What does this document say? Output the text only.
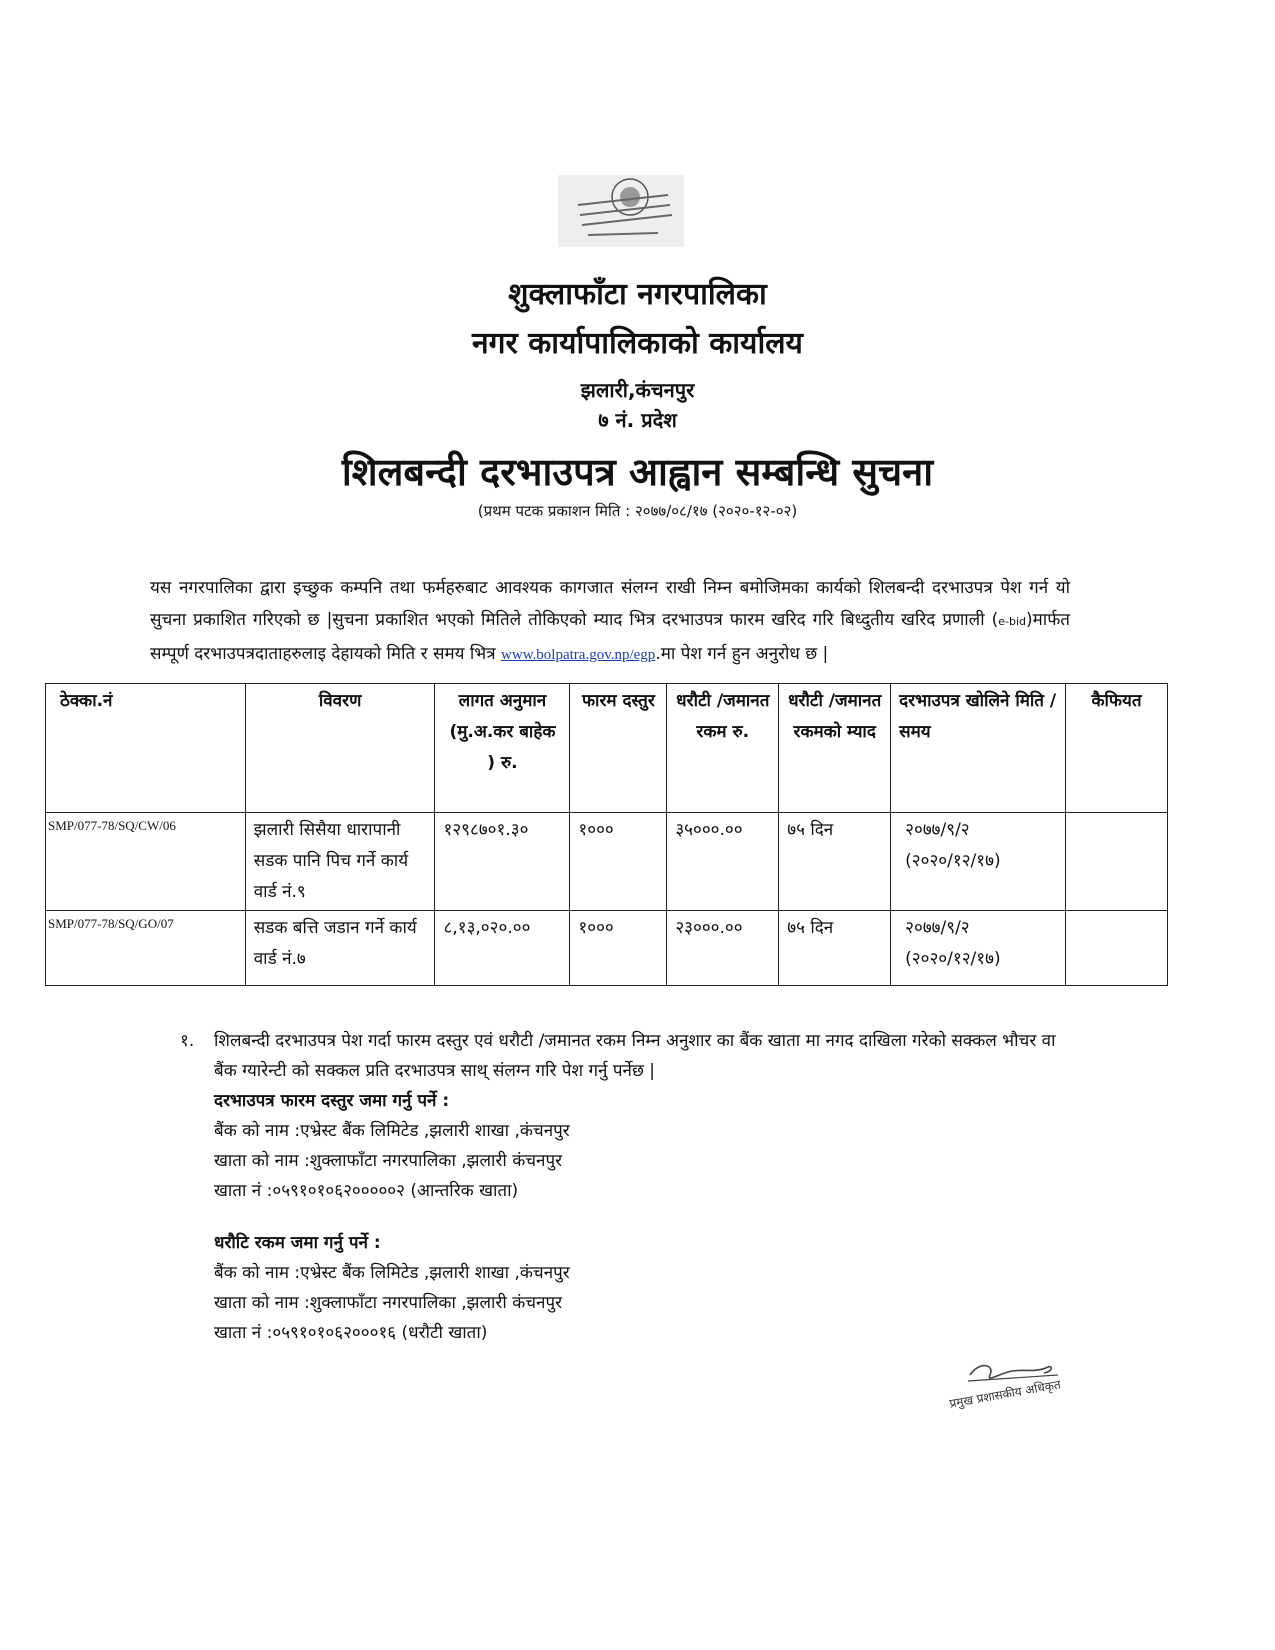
शुक्लाफाँटा नगरपालिका
नगर कार्यापालिकाको कार्यालय
झलारी,कंचनपुर
७ नं. प्रदेश
शिलबन्दी दरभाउपत्र आह्वान सम्बन्धि सुचना
(प्रथम पटक प्रकाशन मिति : २०७७/०८/१७ (२०२०-१२-०२)
यस नगरपालिका द्वारा इच्छुक कम्पनि तथा फर्महरुबाट आवश्यक कागजात संलग्न राखी निम्न बमोजिमका कार्यको शिलबन्दी दरभाउपत्र पेश गर्न यो सुचना प्रकाशित गरिएको छ |सुचना प्रकाशित भएको मितिले तोकिएको म्याद भित्र दरभाउपत्र फारम खरिद गरि बिध्दुतीय खरिद प्रणाली (e-bid)मार्फत सम्पूर्ण दरभाउपत्रदाताहरुलाइ देहायको मिति र समय भित्र www.bolpatra.gov.np/egp.मा पेश गर्न हुन अनुरोध छ |
ठेक्का.नं	विवरण	लागत अनुमान (मु.अ.कर बाहेक ) रु.	फारम दस्तुर	धरौटी /जमानत रकम रु.	धरौटी /जमानत रकमको म्याद	दरभाउपत्र खोलिने मिति /समय	कैफियत
SMP/077-78/SQ/CW/06	झलारी सिसैया धारापानी सडक पानि पिच गर्ने कार्य वार्ड नं.९	१२९८७०१.३०	१०००	३५०००.००	७५ दिन	२०७७/९/२
(२०२०/१२/१७)	

SMP/077-78/SQ/GO/07	सडक बत्ति जडान गर्ने कार्य वार्ड नं.७	८,१३,०२०.००	१०००	२३०००.००	७५ दिन	२०७७/९/२
(२०२०/१२/१७)	

१.	शिलबन्दी दरभाउपत्र पेश गर्दा फारम दस्तुर एवं धरौटी /जमानत रकम निम्न अनुशार का बैंक खाता मा नगद दाखिला गरेको सक्कल भौचर वा बैंक ग्यारेन्टी को सक्कल प्रति दरभाउपत्र साथ् संलग्न गरि पेश गर्नु पर्नेछ |
दरभाउपत्र फारम दस्तुर जमा गर्नु पर्ने :
बैंक को नाम :एभ्रेस्ट बैंक लिमिटेड ,झलारी शाखा ,कंचनपुर
खाता को नाम :शुक्लाफाँटा नगरपालिका ,झलारी कंचनपुर
खाता नं :०५९१०१०६२०००००२ (आन्तरिक खाता)
धरौटि रकम जमा गर्नु पर्ने :
बैंक को नाम :एभ्रेस्ट बैंक लिमिटेड ,झलारी शाखा ,कंचनपुर
खाता को नाम :शुक्लाफाँटा नगरपालिका ,झलारी कंचनपुर
खाता नं :०५९१०१०६२०००१६ (धरौटी खाता)
प्रमुख प्रशासकीय अधिकृत
